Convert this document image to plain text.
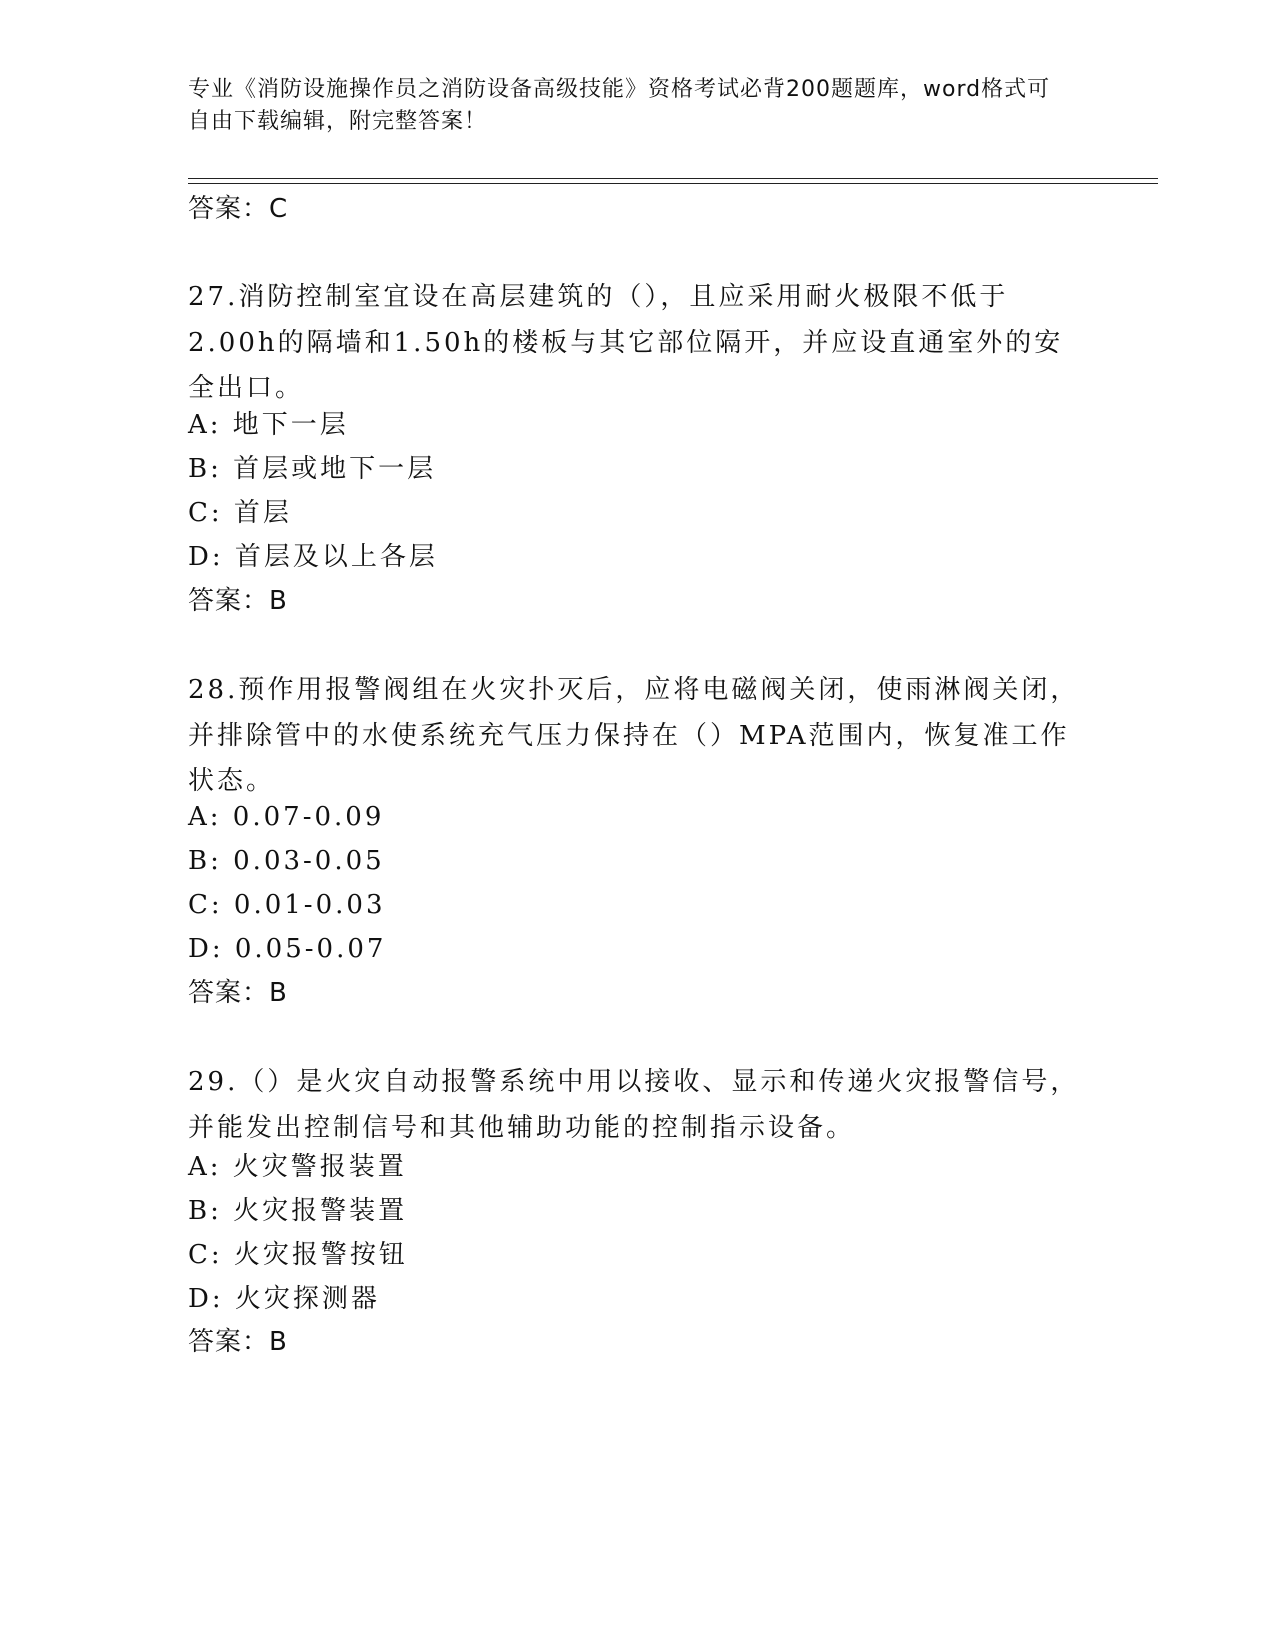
专业《消防设施操作员之消防设备高级技能》资格考试必背200题题库，word格式可自由下载编辑，附完整答案！
答案：C
27.消防控制室宜设在高层建筑的（），且应采用耐火极限不低于2.00h的隔墙和1.50h的楼板与其它部位隔开，并应设直通室外的安全出口。
A: 地下一层
B: 首层或地下一层
C: 首层
D: 首层及以上各层
答案：B
28.预作用报警阀组在火灾扑灭后，应将电磁阀关闭，使雨淋阀关闭，并排除管中的水使系统充气压力保持在（）MPA范围内，恢复准工作状态。
A: 0.07-0.09
B: 0.03-0.05
C: 0.01-0.03
D: 0.05-0.07
答案：B
29.（）是火灾自动报警系统中用以接收、显示和传递火灾报警信号，并能发出控制信号和其他辅助功能的控制指示设备。
A: 火灾警报装置
B: 火灾报警装置
C: 火灾报警按钮
D: 火灾探测器
答案：B
